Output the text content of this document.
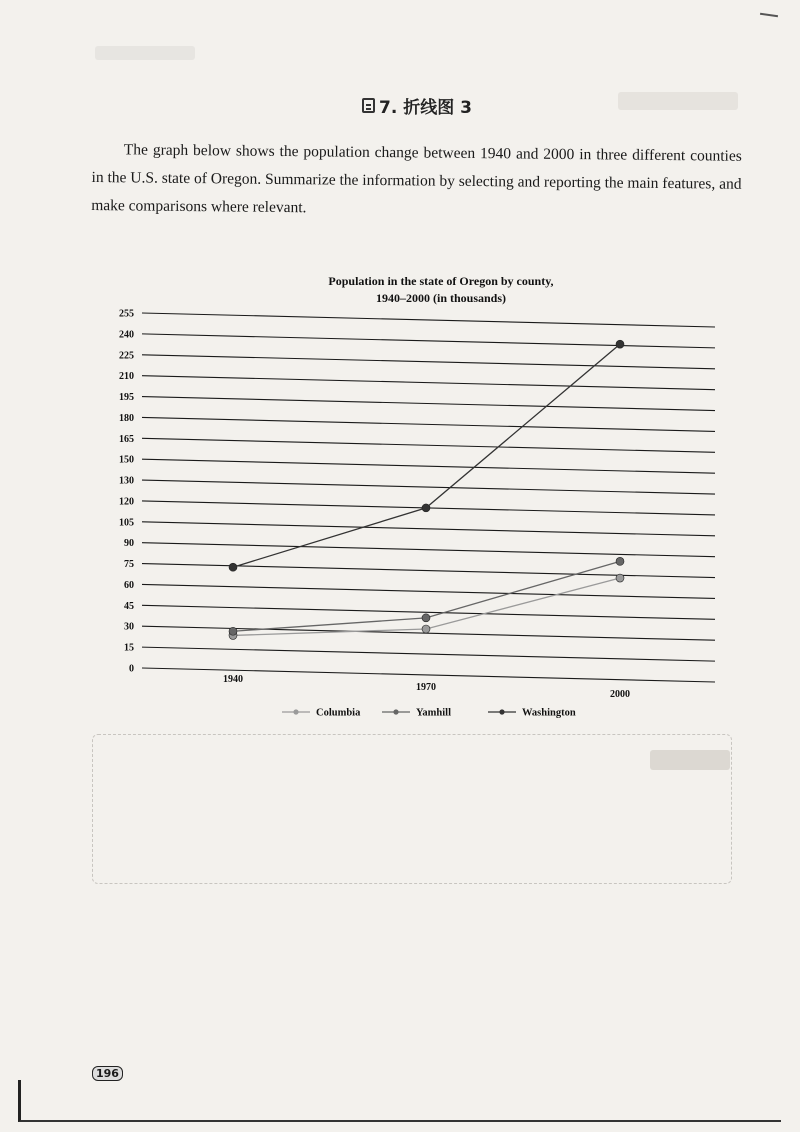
7. 折线图 3

The graph below shows the population change between 1940 and 2000 in three different counties in the U.S. state of Oregon. Summarize the information by selecting and reporting the main features, and make comparisons where relevant.

Population in the state of Oregon by county,
1940–2000 (in thousands)
0
15
30
45
60
75
90
105
120
130
150
165
180
195
210
225
240
255
1940
1970
2000
Columbia	Yamhill	Washington
196
